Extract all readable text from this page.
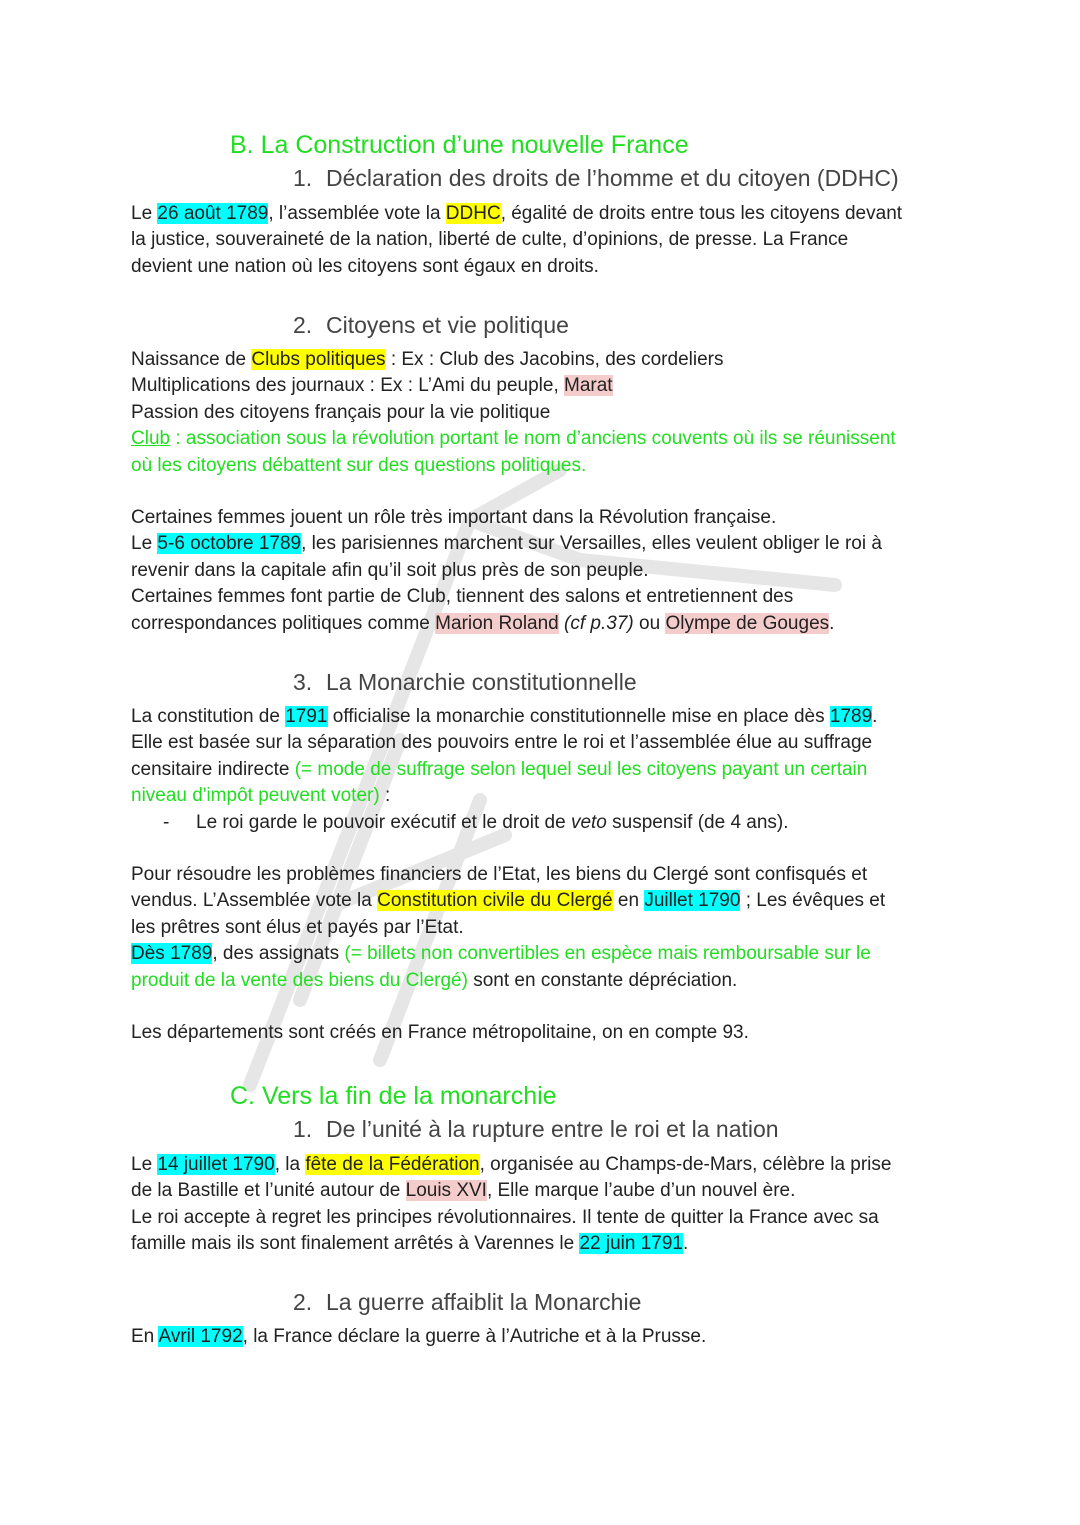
B. La Construction d’une nouvelle France
1. Déclaration des droits de l’homme et du citoyen (DDHC)
Le 26 août 1789, l’assemblée vote la DDHC, égalité de droits entre tous les citoyens devant
la justice, souveraineté de la nation, liberté de culte, d’opinions, de presse. La France
devient une nation où les citoyens sont égaux en droits.
2. Citoyens et vie politique
Naissance de Clubs politiques : Ex : Club des Jacobins, des cordeliers
Multiplications des journaux : Ex : L’Ami du peuple, Marat
Passion des citoyens français pour la vie politique
Club : association sous la révolution portant le nom d’anciens couvents où ils se réunissent
où les citoyens débattent sur des questions politiques.
Certaines femmes jouent un rôle très important dans la Révolution française.
Le 5-6 octobre 1789, les parisiennes marchent sur Versailles, elles veulent obliger le roi à
revenir dans la capitale afin qu’il soit plus près de son peuple.
Certaines femmes font partie de Club, tiennent des salons et entretiennent des
correspondances politiques comme Marion Roland (cf p.37) ou Olympe de Gouges.
3. La Monarchie constitutionnelle
La constitution de 1791 officialise la monarchie constitutionnelle mise en place dès 1789.
Elle est basée sur la séparation des pouvoirs entre le roi et l’assemblée élue au suffrage
censitaire indirecte (= mode de suffrage selon lequel seul les citoyens payant un certain
niveau d'impôt peuvent voter) :
- Le roi garde le pouvoir exécutif et le droit de veto suspensif (de 4 ans).
Pour résoudre les problèmes financiers de l’Etat, les biens du Clergé sont confisqués et
vendus. L’Assemblée vote la Constitution civile du Clergé en Juillet 1790 ; Les évêques et
les prêtres sont élus et payés par l’Etat.
Dès 1789, des assignats (= billets non convertibles en espèce mais remboursable sur le
produit de la vente des biens du Clergé) sont en constante dépréciation.
Les départements sont créés en France métropolitaine, on en compte 93.
C. Vers la fin de la monarchie
1. De l’unité à la rupture entre le roi et la nation
Le 14 juillet 1790, la fête de la Fédération, organisée au Champs-de-Mars, célèbre la prise
de la Bastille et l’unité autour de Louis XVI, Elle marque l’aube d’un nouvel ère.
Le roi accepte à regret les principes révolutionnaires. Il tente de quitter la France avec sa
famille mais ils sont finalement arrêtés à Varennes le 22 juin 1791.
2. La guerre affaiblit la Monarchie
En Avril 1792, la France déclare la guerre à l’Autriche et à la Prusse.
